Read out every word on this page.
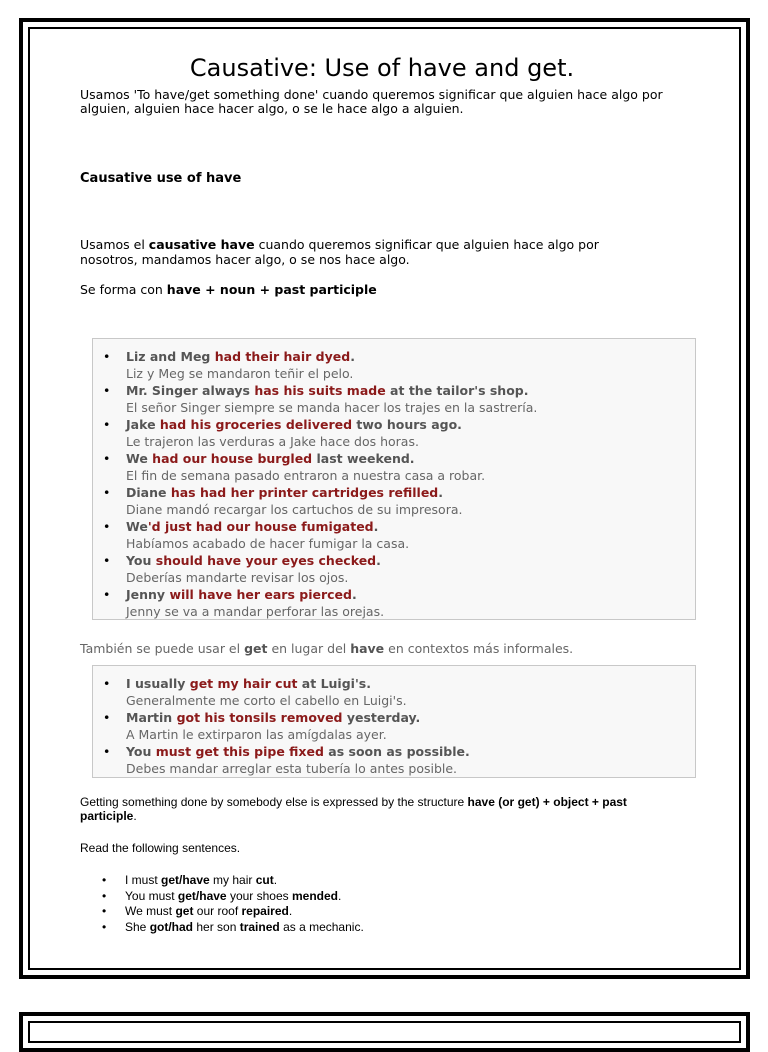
Causative: Use of have and get.
Usamos 'To have/get something done' cuando queremos significar que alguien hace algo por alguien, alguien hace hacer algo, o se le hace algo a alguien.
Causative use of have
Usamos el causative have cuando queremos significar que alguien hace algo por nosotros, mandamos hacer algo, o se nos hace algo.
Se forma con have + noun + past participle
• Liz and Meg had their hair dyed.
Liz y Meg se mandaron teñir el pelo.
• Mr. Singer always has his suits made at the tailor's shop.
El señor Singer siempre se manda hacer los trajes en la sastrería.
• Jake had his groceries delivered two hours ago.
Le trajeron las verduras a Jake hace dos horas.
• We had our house burgled last weekend.
El fin de semana pasado entraron a nuestra casa a robar.
• Diane has had her printer cartridges refilled.
Diane mandó recargar los cartuchos de su impresora.
• We'd just had our house fumigated.
Habíamos acabado de hacer fumigar la casa.
• You should have your eyes checked.
Deberías mandarte revisar los ojos.
• Jenny will have her ears pierced.
Jenny se va a mandar perforar las orejas.
También se puede usar el get en lugar del have en contextos más informales.
• I usually get my hair cut at Luigi's.
Generalmente me corto el cabello en Luigi's.
• Martin got his tonsils removed yesterday.
A Martin le extirparon las amígdalas ayer.
• You must get this pipe fixed as soon as possible.
Debes mandar arreglar esta tubería lo antes posible.
Getting something done by somebody else is expressed by the structure have (or get) + object + past participle.
Read the following sentences.
• I must get/have my hair cut.
• You must get/have your shoes mended.
• We must get our roof repaired.
• She got/had her son trained as a mechanic.
